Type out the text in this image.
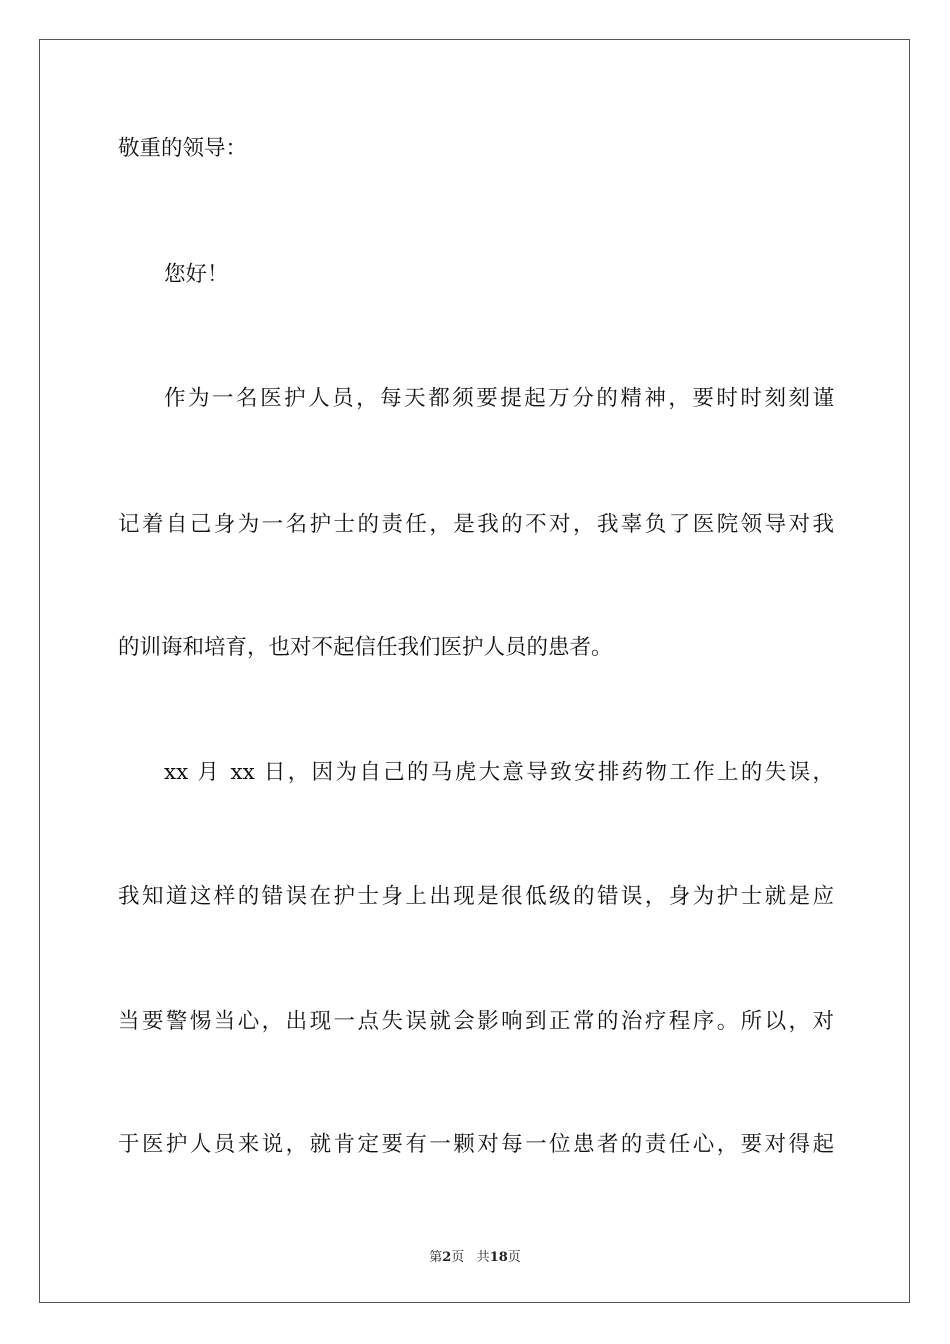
敬重的领导：
您好！
作为一名医护人员，每天都须要提起万分的精神，要时时刻刻谨
记着自己身为一名护士的责任，是我的不对，我辜负了医院领导对我
的训诲和培育，也对不起信任我们医护人员的患者。
xx 月 xx 日，因为自己的马虎大意导致安排药物工作上的失误，
我知道这样的错误在护士身上出现是很低级的错误，身为护士就是应
当要警惕当心，出现一点失误就会影响到正常的治疗程序。所以，对
于医护人员来说，就肯定要有一颗对每一位患者的责任心，要对得起
第2页 共18页
